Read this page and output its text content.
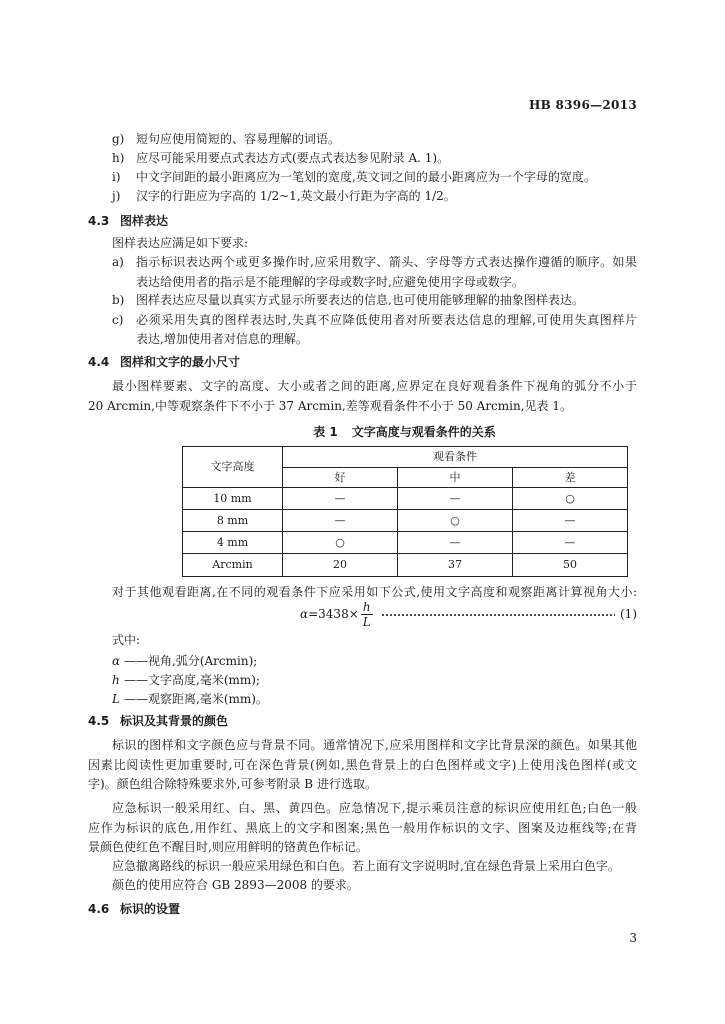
HB 8396—2013
g) 短句应使用简短的、容易理解的词语。
h) 应尽可能采用要点式表达方式(要点式表达参见附录 A. 1)。
i) 中文字间距的最小距离应为一笔划的宽度,英文词之间的最小距离应为一个字母的宽度。
j) 汉字的行距应为字高的 1/2~1,英文最小行距为字高的 1/2。
4.3 图样表达
图样表达应满足如下要求:
a) 指示标识表达两个或更多操作时,应采用数字、箭头、字母等方式表达操作遵循的顺序。如果
表达给使用者的指示是不能理解的字母或数字时,应避免使用字母或数字。
b) 图样表达应尽量以真实方式显示所要表达的信息,也可使用能够理解的抽象图样表达。
c) 必须采用失真的图样表达时,失真不应降低使用者对所要表达信息的理解,可使用失真图样片
表达,增加使用者对信息的理解。
4.4 图样和文字的最小尺寸
最小图样要素、文字的高度、大小或者之间的距离,应界定在良好观看条件下视角的弧分不小于
20 Arcmin,中等观察条件下不小于 37 Arcmin,差等观看条件不小于 50 Arcmin,见表 1。
表 1 文字高度与观看条件的关系
文字高度	观看条件		
	好	中	差
10 mm	—	—	○
8 mm	—	○	—
4 mm	○	—	—
Arcmin	20	37	50
对于其他观看距离,在不同的观看条件下应采用如下公式,使用文字高度和观察距离计算视角大小:
$\alpha =3438\times \frac{h}{L}$	(1)
式中:
α ——视角,弧分(Arcmin);
h ——文字高度,毫米(mm);
L ——观察距离,毫米(mm)。
4.5 标识及其背景的颜色
标识的图样和文字颜色应与背景不同。通常情况下,应采用图样和文字比背景深的颜色。如果其他
因素比阅读性更加重要时,可在深色背景(例如,黑色背景上的白色图样或文字)上使用浅色图样(或文
字)。颜色组合除特殊要求外,可参考附录 B 进行选取。
应急标识一般采用红、白、黑、黄四色。应急情况下,提示乘员注意的标识应使用红色;白色一般
应作为标识的底色,用作红、黑底上的文字和图案;黑色一般用作标识的文字、图案及边框线等;在背
景颜色使红色不醒目时,则应用鲜明的铬黄色作标记。
应急撤离路线的标识一般应采用绿色和白色。若上面有文字说明时,宜在绿色背景上采用白色字。
颜色的使用应符合 GB 2893—2008 的要求。
4.6 标识的设置
3
